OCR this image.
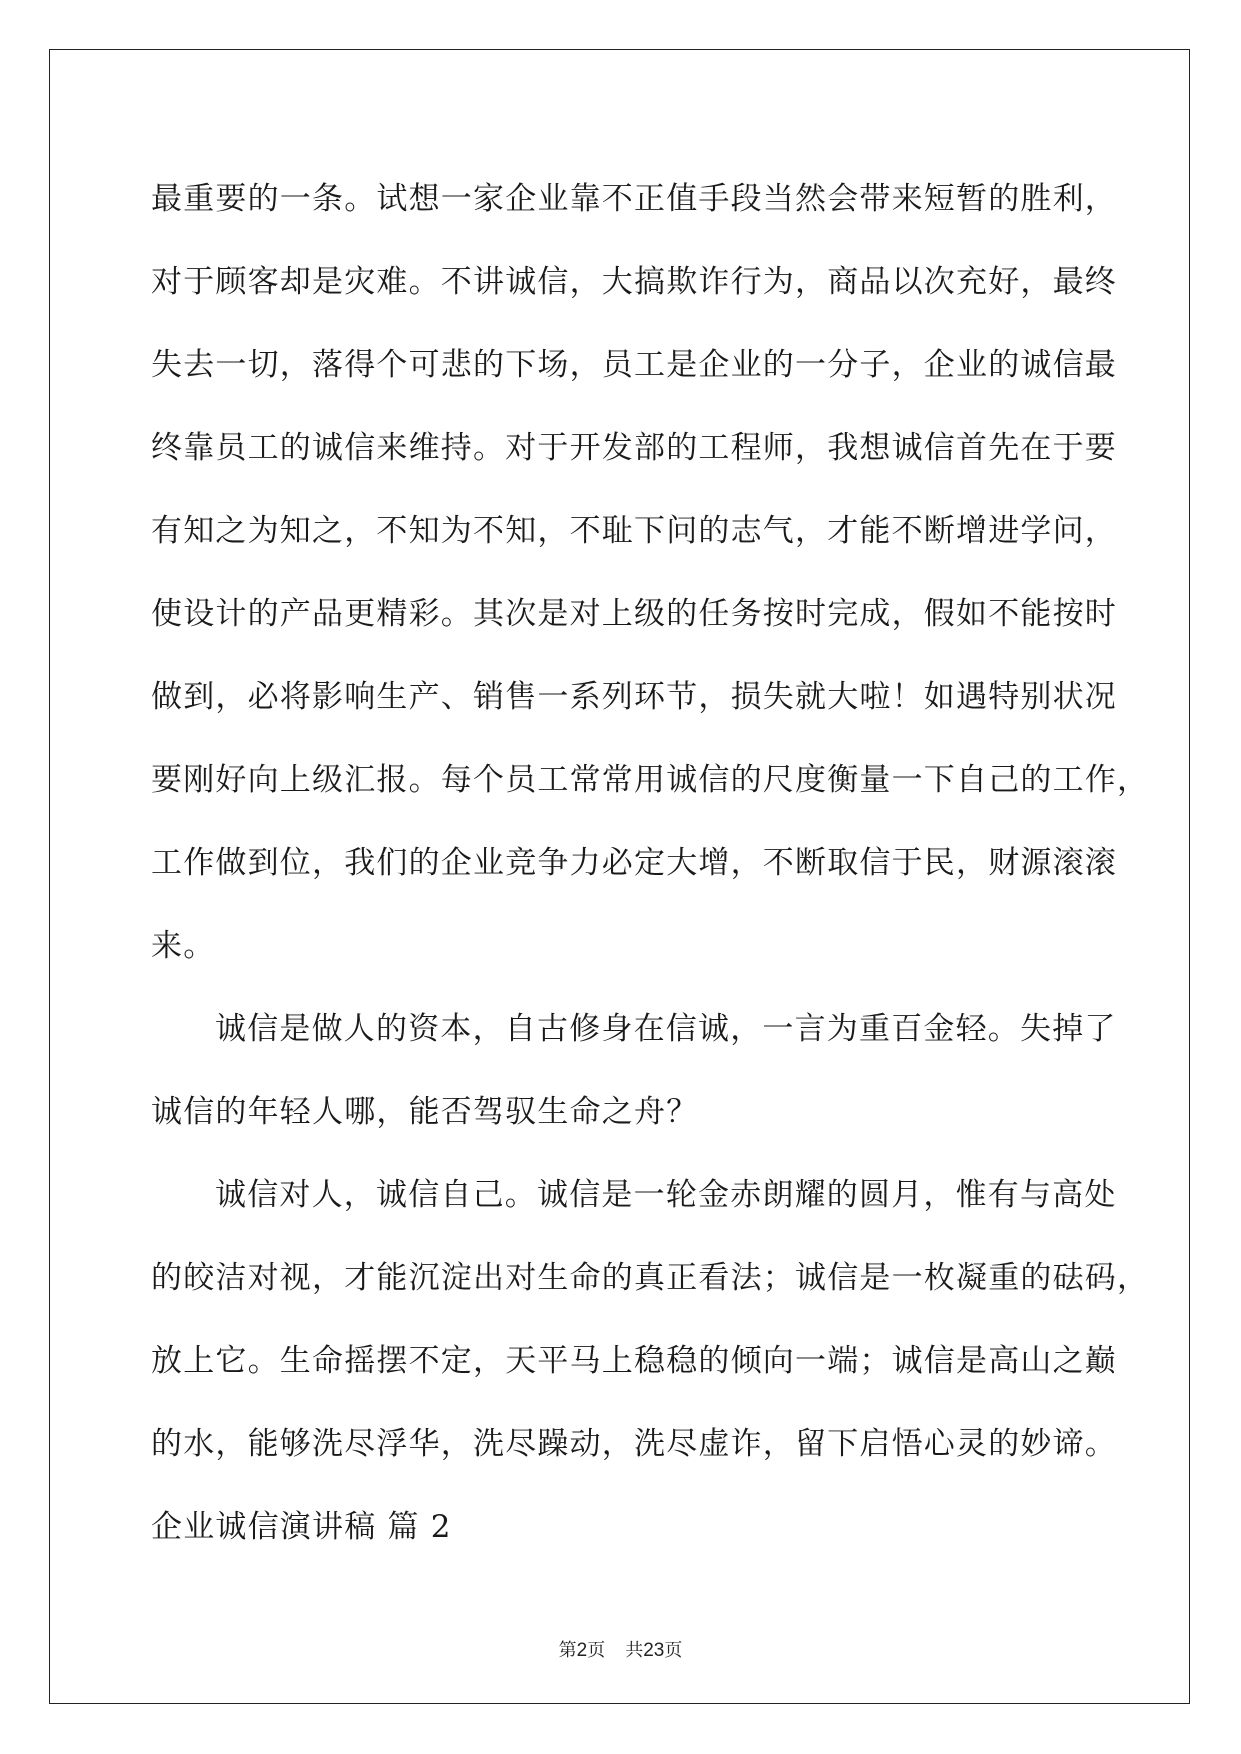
最重要的一条。试想一家企业靠不正值手段当然会带来短暂的胜利，
对于顾客却是灾难。不讲诚信，大搞欺诈行为，商品以次充好，最终
失去一切，落得个可悲的下场，员工是企业的一分子，企业的诚信最
终靠员工的诚信来维持。对于开发部的工程师，我想诚信首先在于要
有知之为知之，不知为不知，不耻下问的志气，才能不断增进学问，
使设计的产品更精彩。其次是对上级的任务按时完成，假如不能按时
做到，必将影响生产、销售一系列环节，损失就大啦！如遇特别状况
要刚好向上级汇报。每个员工常常用诚信的尺度衡量一下自己的工作，
工作做到位，我们的企业竞争力必定大增，不断取信于民，财源滚滚
来。
诚信是做人的资本，自古修身在信诚，一言为重百金轻。失掉了
诚信的年轻人哪，能否驾驭生命之舟？
诚信对人，诚信自己。诚信是一轮金赤朗耀的圆月，惟有与高处
的皎洁对视，才能沉淀出对生命的真正看法；诚信是一枚凝重的砝码，
放上它。生命摇摆不定，天平马上稳稳的倾向一端；诚信是高山之巅
的水，能够洗尽浮华，洗尽躁动，洗尽虚诈，留下启悟心灵的妙谛。
企业诚信演讲稿 篇 2
第2页 共23页
